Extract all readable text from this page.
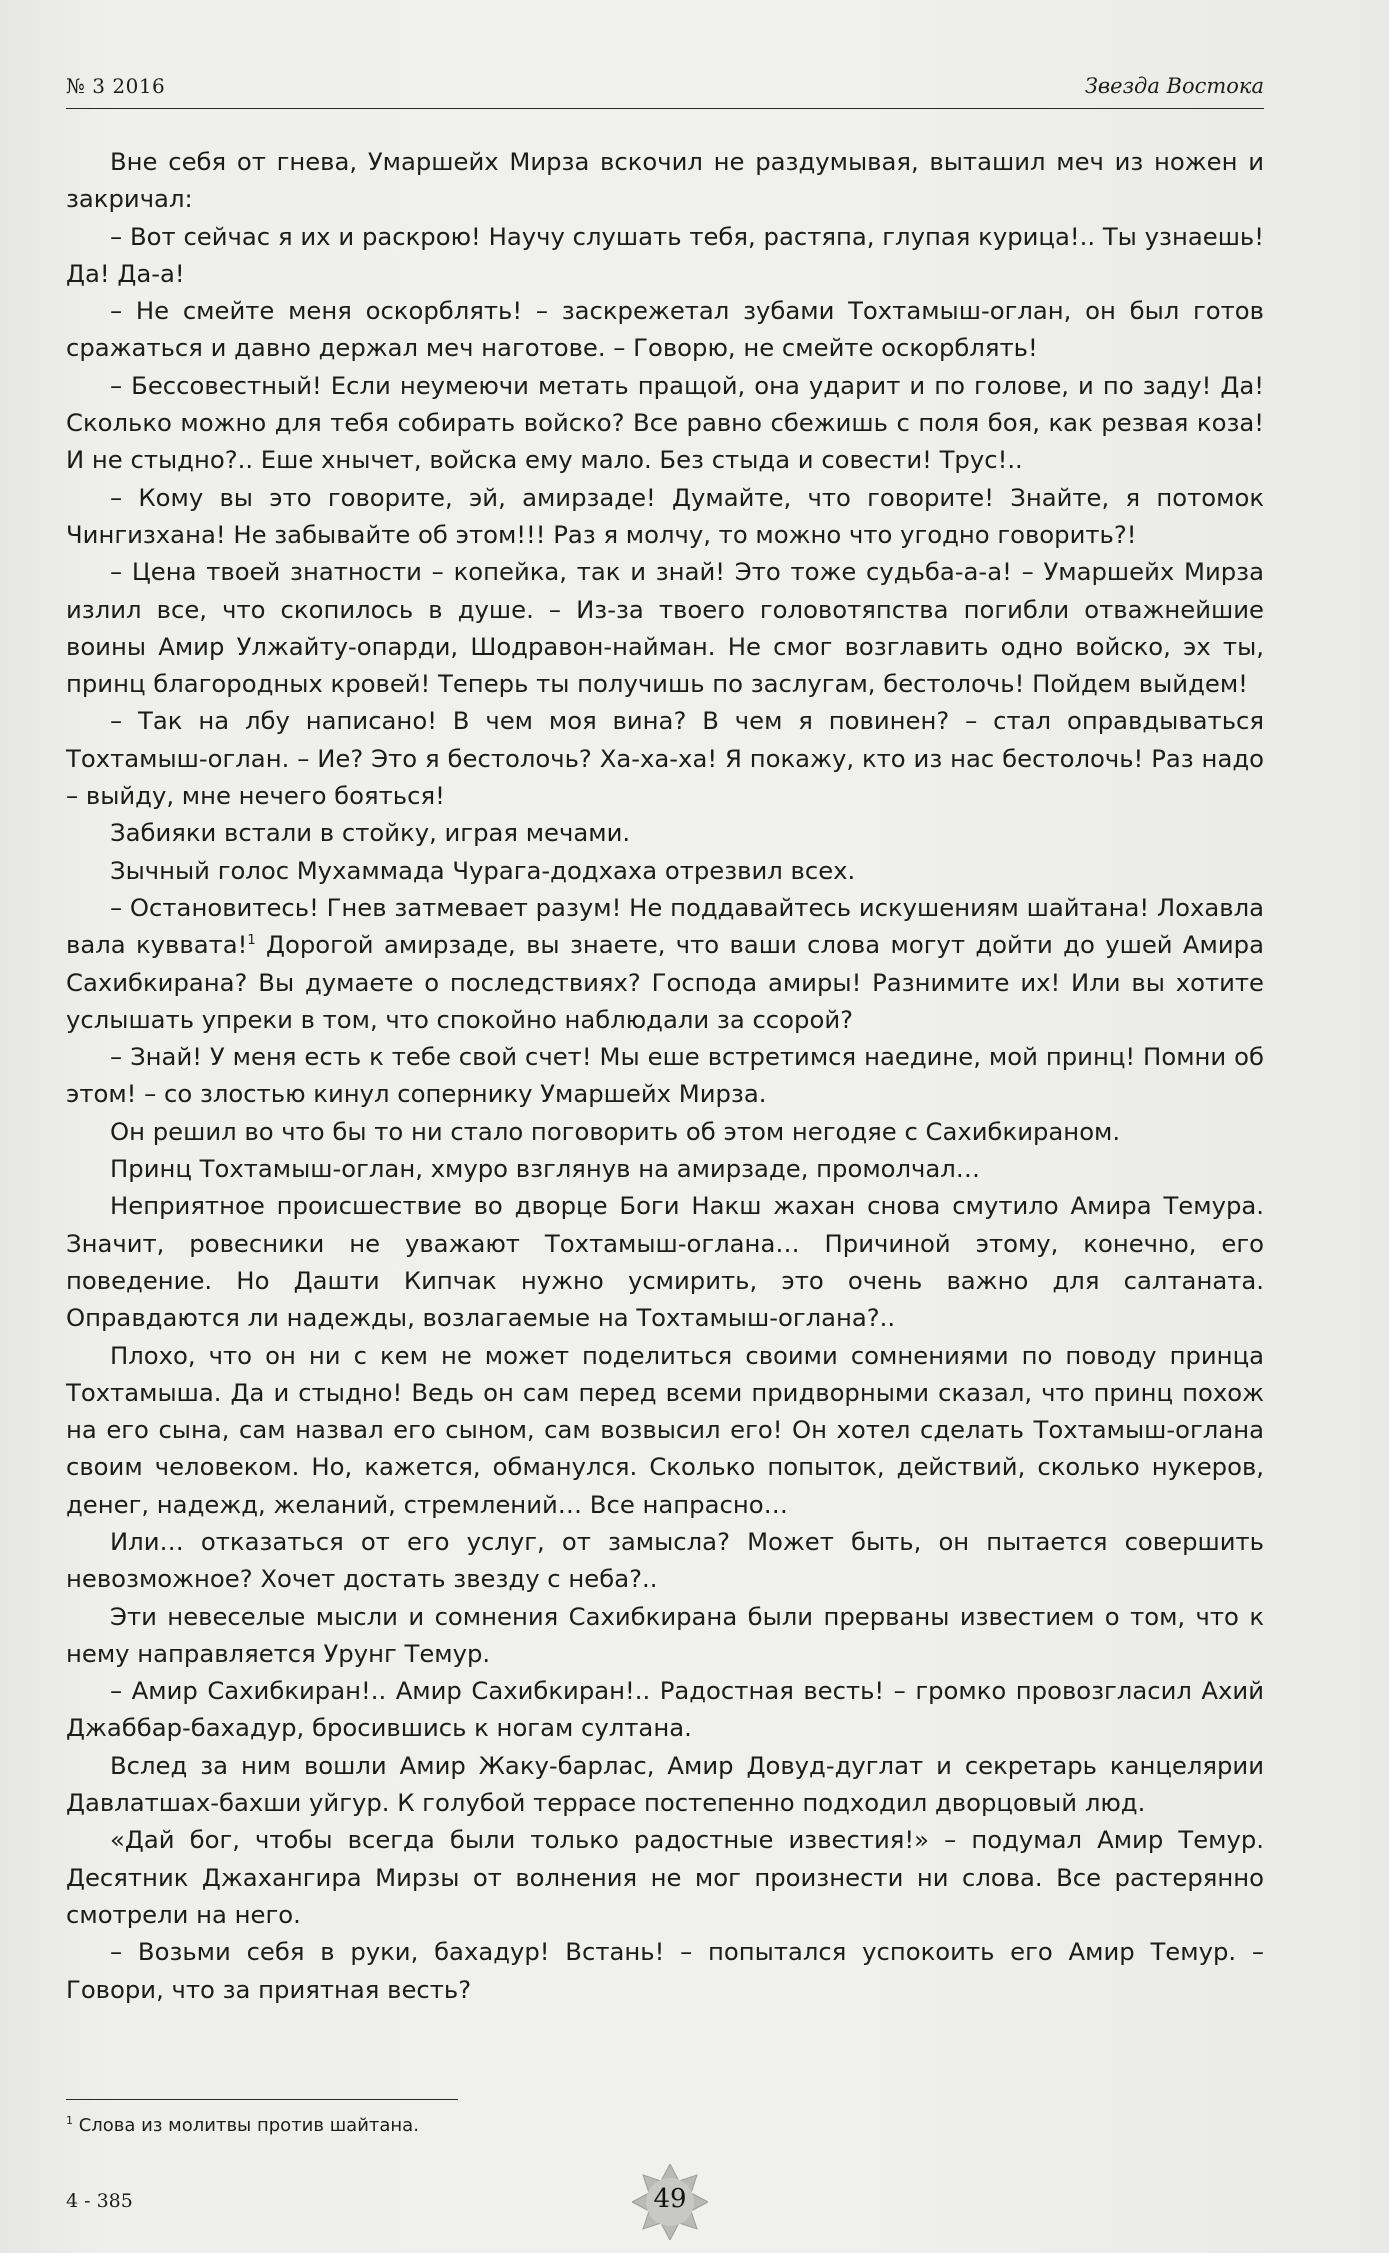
№ 3 2016	Звезда Востока

Вне себя от гнева, Умаршейх Мирза вскочил не раздумывая, выташил меч из ножен и закричал:

– Вот сейчас я их и раскрою! Научу слушать тебя, растяпа, глупая курица!.. Ты узнаешь! Да! Да-а!

– Не смейте меня оскорблять! – заскрежетал зубами Тохтамыш-оглан, он был готов сражаться и давно держал меч наготове. – Говорю, не смейте оскорблять!

– Бессовестный! Если неумеючи метать пращой, она ударит и по голове, и по заду! Да! Сколько можно для тебя собирать войско? Все равно сбежишь с поля боя, как резвая коза! И не стыдно?.. Еше хнычет, войска ему мало. Без стыда и совести! Трус!..

– Кому вы это говорите, эй, амирзаде! Думайте, что говорите! Знайте, я потомок Чингизхана! Не забывайте об этом!!! Раз я молчу, то можно что угодно говорить?!

– Цена твоей знатности – копейка, так и знай! Это тоже судьба-а-а! – Умаршейх Мирза излил все, что скопилось в душе. – Из-за твоего головотяпства погибли отважнейшие воины Амир Улжайту-опарди, Шодравон-найман. Не смог возглавить одно войско, эх ты, принц благородных кровей! Теперь ты получишь по заслугам, бестолочь! Пойдем выйдем!

– Так на лбу написано! В чем моя вина? В чем я повинен? – стал оправдываться Тохтамыш-оглан. – Ие? Это я бестолочь? Ха-ха-ха! Я покажу, кто из нас бестолочь! Раз надо – выйду, мне нечего бояться!

Забияки встали в стойку, играя мечами.

Зычный голос Мухаммада Чурага-додхаха отрезвил всех.

– Остановитесь! Гнев затмевает разум! Не поддавайтесь искушениям шайтана! Лохавла вала куввата!$^1$ Дорогой амирзаде, вы знаете, что ваши слова могут дойти до ушей Амира Сахибкирана? Вы думаете о последствиях? Господа амиры! Разнимите их! Или вы хотите услышать упреки в том, что спокойно наблюдали за ссорой?

– Знай! У меня есть к тебе свой счет! Мы еше встретимся наедине, мой принц! Помни об этом! – со злостью кинул сопернику Умаршейх Мирза.

Он решил во что бы то ни стало поговорить об этом негодяе с Сахибкираном.

Принц Тохтамыш-оглан, хмуро взглянув на амирзаде, промолчал…

Неприятное происшествие во дворце Боги Накш жахан снова смутило Амира Темура. Значит, ровесники не уважают Тохтамыш-оглана… Причиной этому, конечно, его поведение. Но Дашти Кипчак нужно усмирить, это очень важно для салтаната. Оправдаются ли надежды, возлагаемые на Тохтамыш-оглана?..

Плохо, что он ни с кем не может поделиться своими сомнениями по поводу принца Тохтамыша. Да и стыдно! Ведь он сам перед всеми придворными сказал, что принц похож на его сына, сам назвал его сыном, сам возвысил его! Он хотел сделать Тохтамыш-оглана своим человеком. Но, кажется, обманулся. Сколько попыток, действий, сколько нукеров, денег, надежд, желаний, стремлений… Все напрасно…

Или… отказаться от его услуг, от замысла? Может быть, он пытается совершить невозможное? Хочет достать звезду с неба?..

Эти невеселые мысли и сомнения Сахибкирана были прерваны известием о том, что к нему направляется Урунг Темур.

– Амир Сахибкиран!.. Амир Сахибкиран!.. Радостная весть! – громко провозгласил Ахий Джаббар-бахадур, бросившись к ногам султана.

Вслед за ним вошли Амир Жаку-барлас, Амир Довуд-дуглат и секретарь канцелярии Давлатшах-бахши уйгур. К голубой террасе постепенно подходил дворцовый люд.

«Дай бог, чтобы всегда были только радостные известия!» – подумал Амир Темур. Десятник Джахангира Мирзы от волнения не мог произнести ни слова. Все растерянно смотрели на него.

– Возьми себя в руки, бахадур! Встань! – попытался успокоить его Амир Темур. – Говори, что за приятная весть?

$^1$ Слова из молитвы против шайтана.
4 - 385	49
